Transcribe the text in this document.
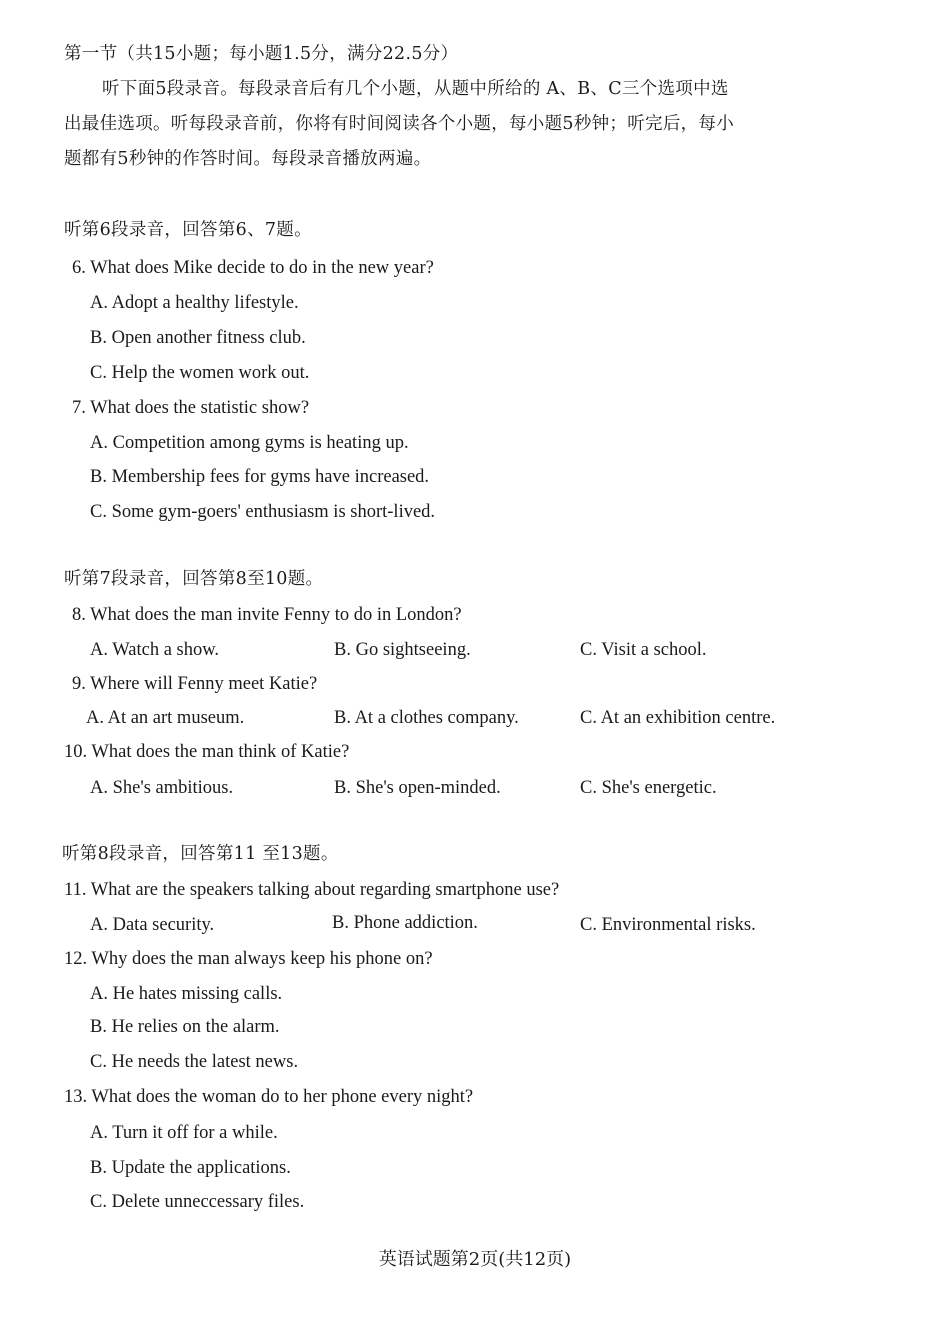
第一节（共15小题；每小题1.5分，满分22.5分）
听下面5段录音。每段录音后有几个小题，从题中所给的 A、B、C三个选项中选
出最佳选项。听每段录音前，你将有时间阅读各个小题，每小题5秒钟；听完后，每小
题都有5秒钟的作答时间。每段录音播放两遍。
听第6段录音，回答第6、7题。
6. What does Mike decide to do in the new year?
A. Adopt a healthy lifestyle.
B. Open another fitness club.
C. Help the women work out.
7. What does the statistic show?
A. Competition among gyms is heating up.
B. Membership fees for gyms have increased.
C. Some gym-goers' enthusiasm is short-lived.
听第7段录音，回答第8至10题。
8. What does the man invite Fenny to do in London?
A. Watch a show.	B. Go sightseeing.	C. Visit a school.
9. Where will Fenny meet Katie?
A. At an art museum.	B. At a clothes company.	C. At an exhibition centre.
10. What does the man think of Katie?
A. She's ambitious.	B. She's open-minded.	C. She's energetic.
听第8段录音，回答第11 至13题。
11. What are the speakers talking about regarding smartphone use?
A. Data security.	B. Phone addiction.	C. Environmental risks.
12. Why does the man always keep his phone on?
A. He hates missing calls.
B. He relies on the alarm.
C. He needs the latest news.
13. What does the woman do to her phone every night?
A. Turn it off for a while.
B. Update the applications.
C. Delete unneccessary files.
英语试题第2页(共12页)
